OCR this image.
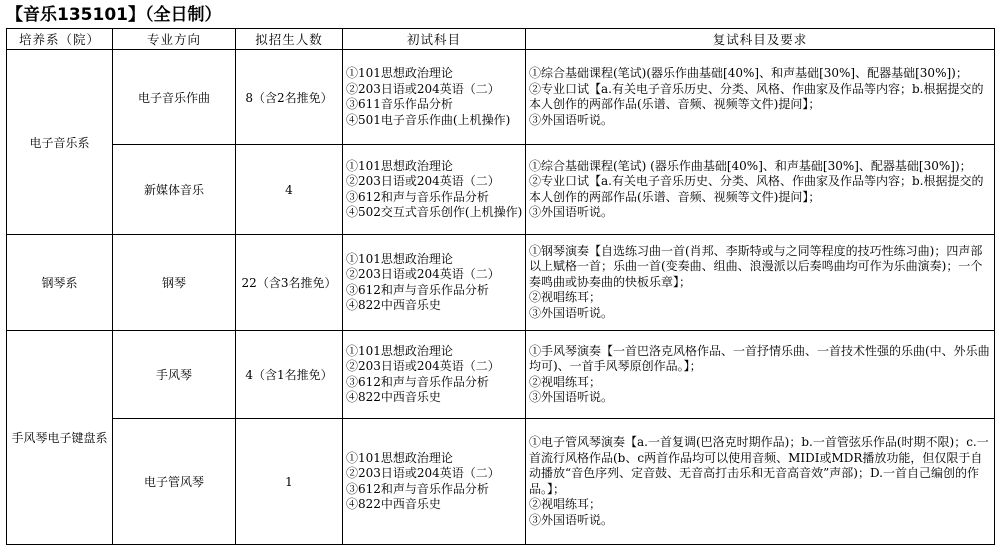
【音乐135101】（全日制）
培养系（院）	专业方向	拟招生人数	初试科目	复试科目及要求
电子音乐系	电子音乐作曲	8（含2名推免）	①101思想政治理论
②203日语或204英语（二）
③611音乐作品分析
④501电子音乐作曲(上机操作)	①综合基础课程(笔试)(器乐作曲基础[40%]、和声基础[30%]、配器基础[30%])；
②专业口试【a.有关电子音乐历史、分类、风格、作曲家及作品等内容；b.根据提交的本人创作的两部作品(乐谱、音频、视频等文件)提问】；
③外国语听说。

	新媒体音乐	4	①101思想政治理论
②203日语或204英语（二）
③612和声与音乐作品分析
④502交互式音乐创作(上机操作)	①综合基础课程(笔试) (器乐作曲基础[40%]、和声基础[30%]、配器基础[30%])；
②专业口试【a.有关电子音乐历史、分类、风格、作曲家及作品等内容；b.根据提交的本人创作的两部作品(乐谱、音频、视频等文件)提问】；
③外国语听说。

钢琴系	钢琴	22（含3名推免）	①101思想政治理论
②203日语或204英语（二）
③612和声与音乐作品分析
④822中西音乐史	①钢琴演奏【自选练习曲一首(肖邦、李斯特或与之同等程度的技巧性练习曲)；四声部以上赋格一首；乐曲一首(变奏曲、组曲、浪漫派以后奏鸣曲均可作为乐曲演奏)；一个奏鸣曲或协奏曲的快板乐章】；
②视唱练耳；
③外国语听说。

手风琴电子键盘系	手风琴	4（含1名推免）	①101思想政治理论
②203日语或204英语（二）
③612和声与音乐作品分析
④822中西音乐史	①手风琴演奏【一首巴洛克风格作品、一首抒情乐曲、一首技术性强的乐曲(中、外乐曲均可)、一首手风琴原创作品。】；
②视唱练耳；
③外国语听说。

	电子管风琴	1	①101思想政治理论
②203日语或204英语（二）
③612和声与音乐作品分析
④822中西音乐史	①电子管风琴演奏【a.一首复调(巴洛克时期作品)；b.一首管弦乐作品(时期不限)；c.一首流行风格作品(b、c两首作品均可以使用音频、MIDI或MDR播放功能，但仅限于自动播放“音色序列、定音鼓、无音高打击乐和无音高音效”声部)；D.一首自己编创的作品。】；
②视唱练耳；
③外国语听说。
